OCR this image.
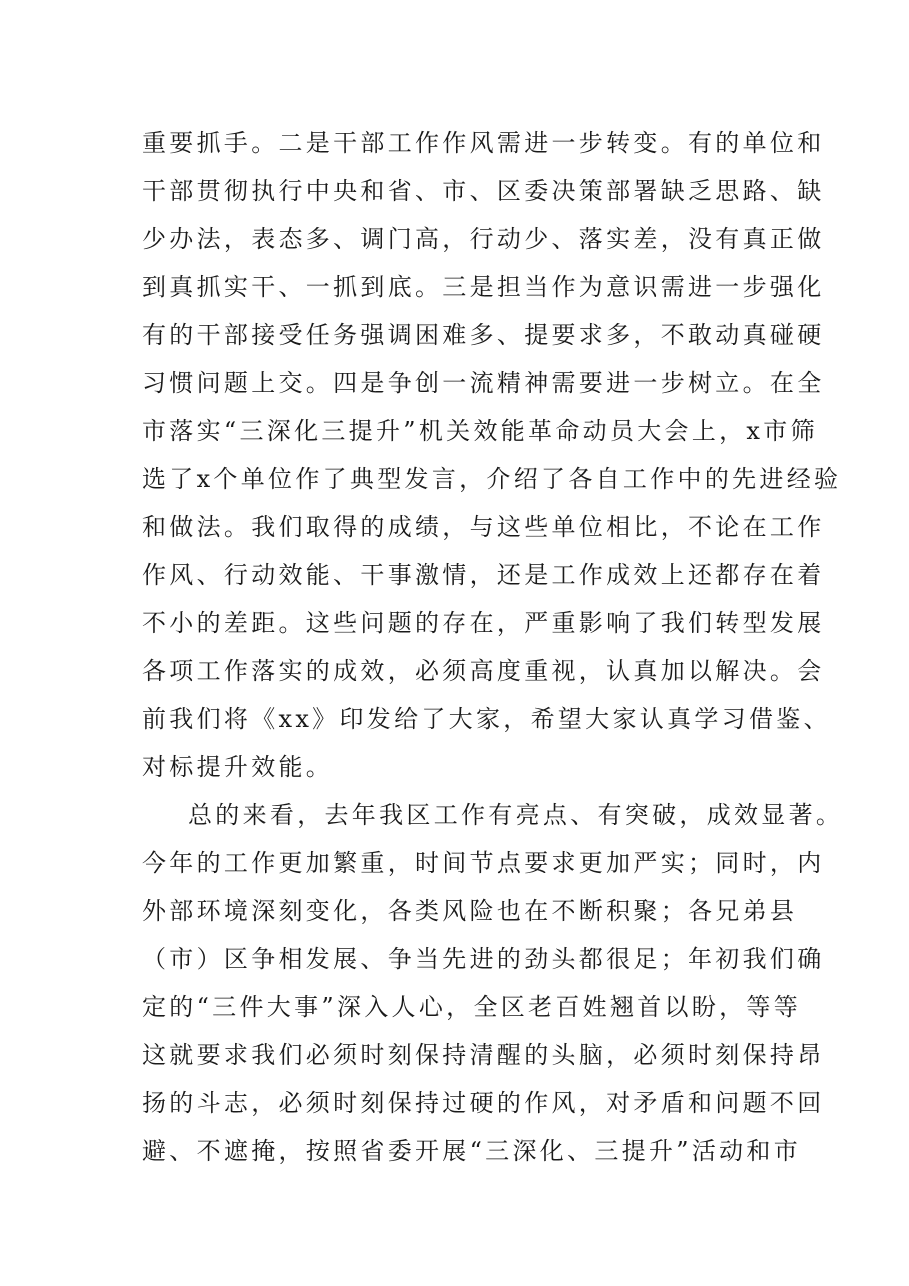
重要抓手。二是干部工作作风需进一步转变。有的单位和
干部贯彻执行中央和省、市、区委决策部署缺乏思路、缺
少办法，表态多、调门高，行动少、落实差，没有真正做
到真抓实干、一抓到底。三是担当作为意识需进一步强化
有的干部接受任务强调困难多、提要求多，不敢动真碰硬
习惯问题上交。四是争创一流精神需要进一步树立。在全
市落实“三深化三提升”机关效能革命动员大会上，x市筛
选了x个单位作了典型发言，介绍了各自工作中的先进经验
和做法。我们取得的成绩，与这些单位相比，不论在工作
作风、行动效能、干事激情，还是工作成效上还都存在着
不小的差距。这些问题的存在，严重影响了我们转型发展
各项工作落实的成效，必须高度重视，认真加以解决。会
前我们将《xx》印发给了大家，希望大家认真学习借鉴、
对标提升效能。
总的来看，去年我区工作有亮点、有突破，成效显著。
今年的工作更加繁重，时间节点要求更加严实；同时，内
外部环境深刻变化，各类风险也在不断积聚；各兄弟县
（市）区争相发展、争当先进的劲头都很足；年初我们确
定的“三件大事”深入人心，全区老百姓翘首以盼，等等
这就要求我们必须时刻保持清醒的头脑，必须时刻保持昂
扬的斗志，必须时刻保持过硬的作风，对矛盾和问题不回
避、不遮掩，按照省委开展“三深化、三提升”活动和市
